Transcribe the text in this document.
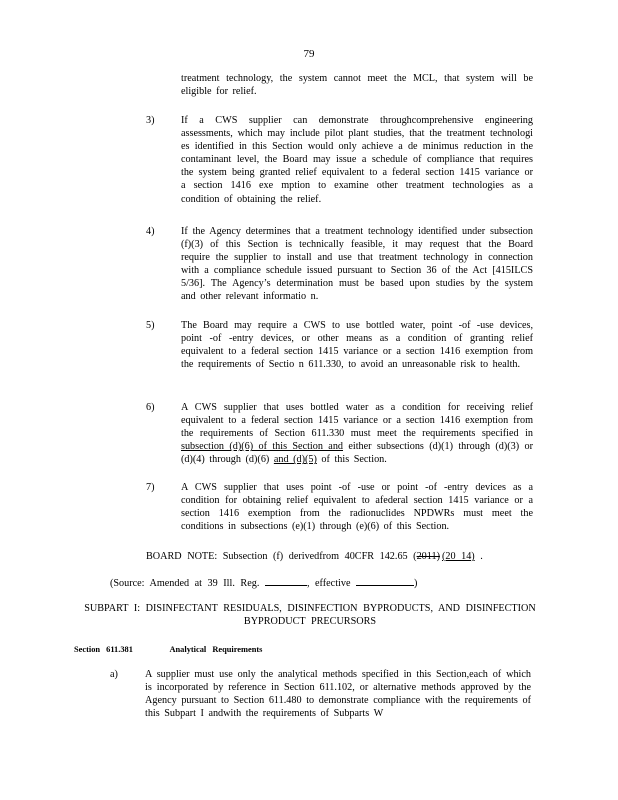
79
treatment technology, the system cannot meet the MCL, that system will be eligible for relief.
3)	If a CWS supplier can demonstrate throughcomprehensive engineering assessments, which may include pilot plant studies, that the treatment technologi es identified in this Section would only achieve a de minimus reduction in the contaminant level, the Board may issue a schedule of compliance that requires the system being granted relief equivalent to a federal section 1415 variance or a section 1416 exe mption to examine other treatment technologies as a condition of obtaining the relief.
4)	If the Agency determines that a treatment technology identified under subsection (f)(3) of this Section is technically feasible, it may request that the Board require the supplier to install and use that treatment technology in connection with a compliance schedule issued pursuant to Section 36 of the Act [415ILCS 5/36]. The Agency’s determination must be based upon studies by the system and other relevant informatio n.
5)	The Board may require a CWS to use bottled water, point -of -use devices, point -of -entry devices, or other means as a condition of granting relief equivalent to a federal section 1415 variance or a section 1416 exemption from the requirements of Sectio n 611.330, to avoid an unreasonable risk to health.
6)	A CWS supplier that uses bottled water as a condition for receiving relief equivalent to a federal section 1415 variance or a section 1416 exemption from the requirements of Section 611.330 must meet the requirements specified in subsection (d)(6) of this Section and either subsections (d)(1) through (d)(3) or (d)(4) through (d)(6) and (d)(5) of this Section.
7)	A CWS supplier that uses point -of -use or point -of -entry devices as a condition for obtaining relief equivalent to afederal section 1415 variance or a section 1416 exemption from the radionuclides NPDWRs must meet the conditions in subsections (e)(1) through (e)(6) of this Section.
BOARD NOTE: Subsection (f) derivedfrom 40CFR 142.65 (2011) (20 14) .
(Source: Amended at 39 Ill. Reg.	, effective	)
SUBPART I: DISINFECTANT RESIDUALS, DISINFECTION BYPRODUCTS, AND DISINFECTION BYPRODUCT PRECURSORS
Section 611.381	Analytical Requirements
a)	A supplier must use only the analytical methods specified in this Section,each of which is incorporated by reference in Section 611.102, or alternative methods approved by the Agency pursuant to Section 611.480 to demonstrate compliance with the requirements of this Subpart I andwith the requirements of Subparts W
